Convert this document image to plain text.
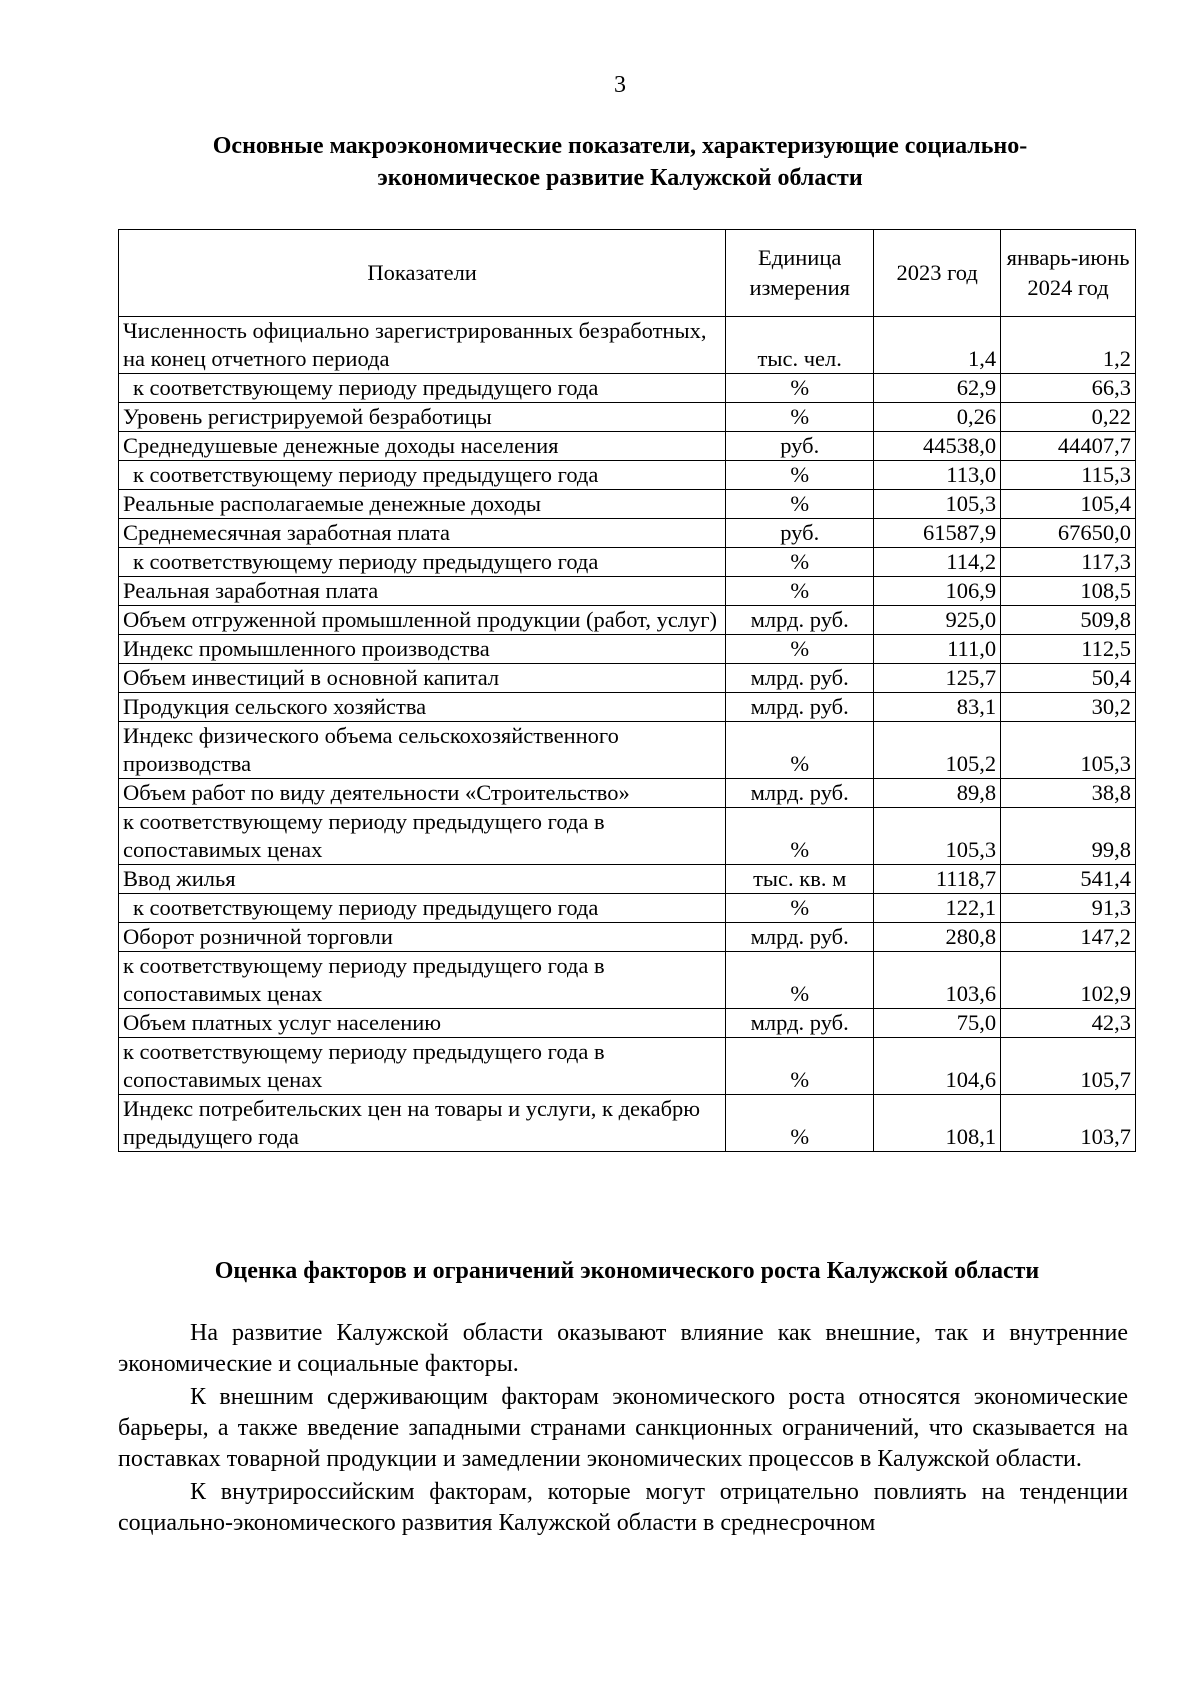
3
Основные макроэкономические показатели, характеризующие социально-экономическое развитие Калужской области
Показатели	Единица измерения	2023 год	январь-июнь 2024 год
Численность официально зарегистрированных безработных, на конец отчетного периода	тыс. чел.	1,4	1,2
к соответствующему периоду предыдущего года	%	62,9	66,3
Уровень регистрируемой безработицы	%	0,26	0,22
Среднедушевые денежные доходы населения	руб.	44538,0	44407,7
к соответствующему периоду предыдущего года	%	113,0	115,3
Реальные располагаемые денежные доходы	%	105,3	105,4
Среднемесячная заработная плата	руб.	61587,9	67650,0
к соответствующему периоду предыдущего года	%	114,2	117,3
Реальная заработная плата	%	106,9	108,5
Объем отгруженной промышленной продукции (работ, услуг)	млрд. руб.	925,0	509,8
Индекс промышленного производства	%	111,0	112,5
Объем инвестиций в основной капитал	млрд. руб.	125,7	50,4
Продукция сельского хозяйства	млрд. руб.	83,1	30,2
Индекс физического объема сельскохозяйственного производства	%	105,2	105,3
Объем работ по виду деятельности «Строительство»	млрд. руб.	89,8	38,8
к соответствующему периоду предыдущего года в сопоставимых ценах	%	105,3	99,8
Ввод жилья	тыс. кв. м	1118,7	541,4
к соответствующему периоду предыдущего года	%	122,1	91,3
Оборот розничной торговли	млрд. руб.	280,8	147,2
к соответствующему периоду предыдущего года в сопоставимых ценах	%	103,6	102,9
Объем платных услуг населению	млрд. руб.	75,0	42,3
к соответствующему периоду предыдущего года в сопоставимых ценах	%	104,6	105,7
Индекс потребительских цен на товары и услуги, к декабрю предыдущего года	%	108,1	103,7
Оценка факторов и ограничений экономического роста Калужской области

На развитие Калужской области оказывают влияние как внешние, так и внутренние экономические и социальные факторы.

К внешним сдерживающим факторам экономического роста относятся экономические барьеры, а также введение западными странами санкционных ограничений, что сказывается на поставках товарной продукции и замедлении экономических процессов в Калужской области.

К внутрироссийским факторам, которые могут отрицательно повлиять на тенденции социально-экономического развития Калужской области в среднесрочном
